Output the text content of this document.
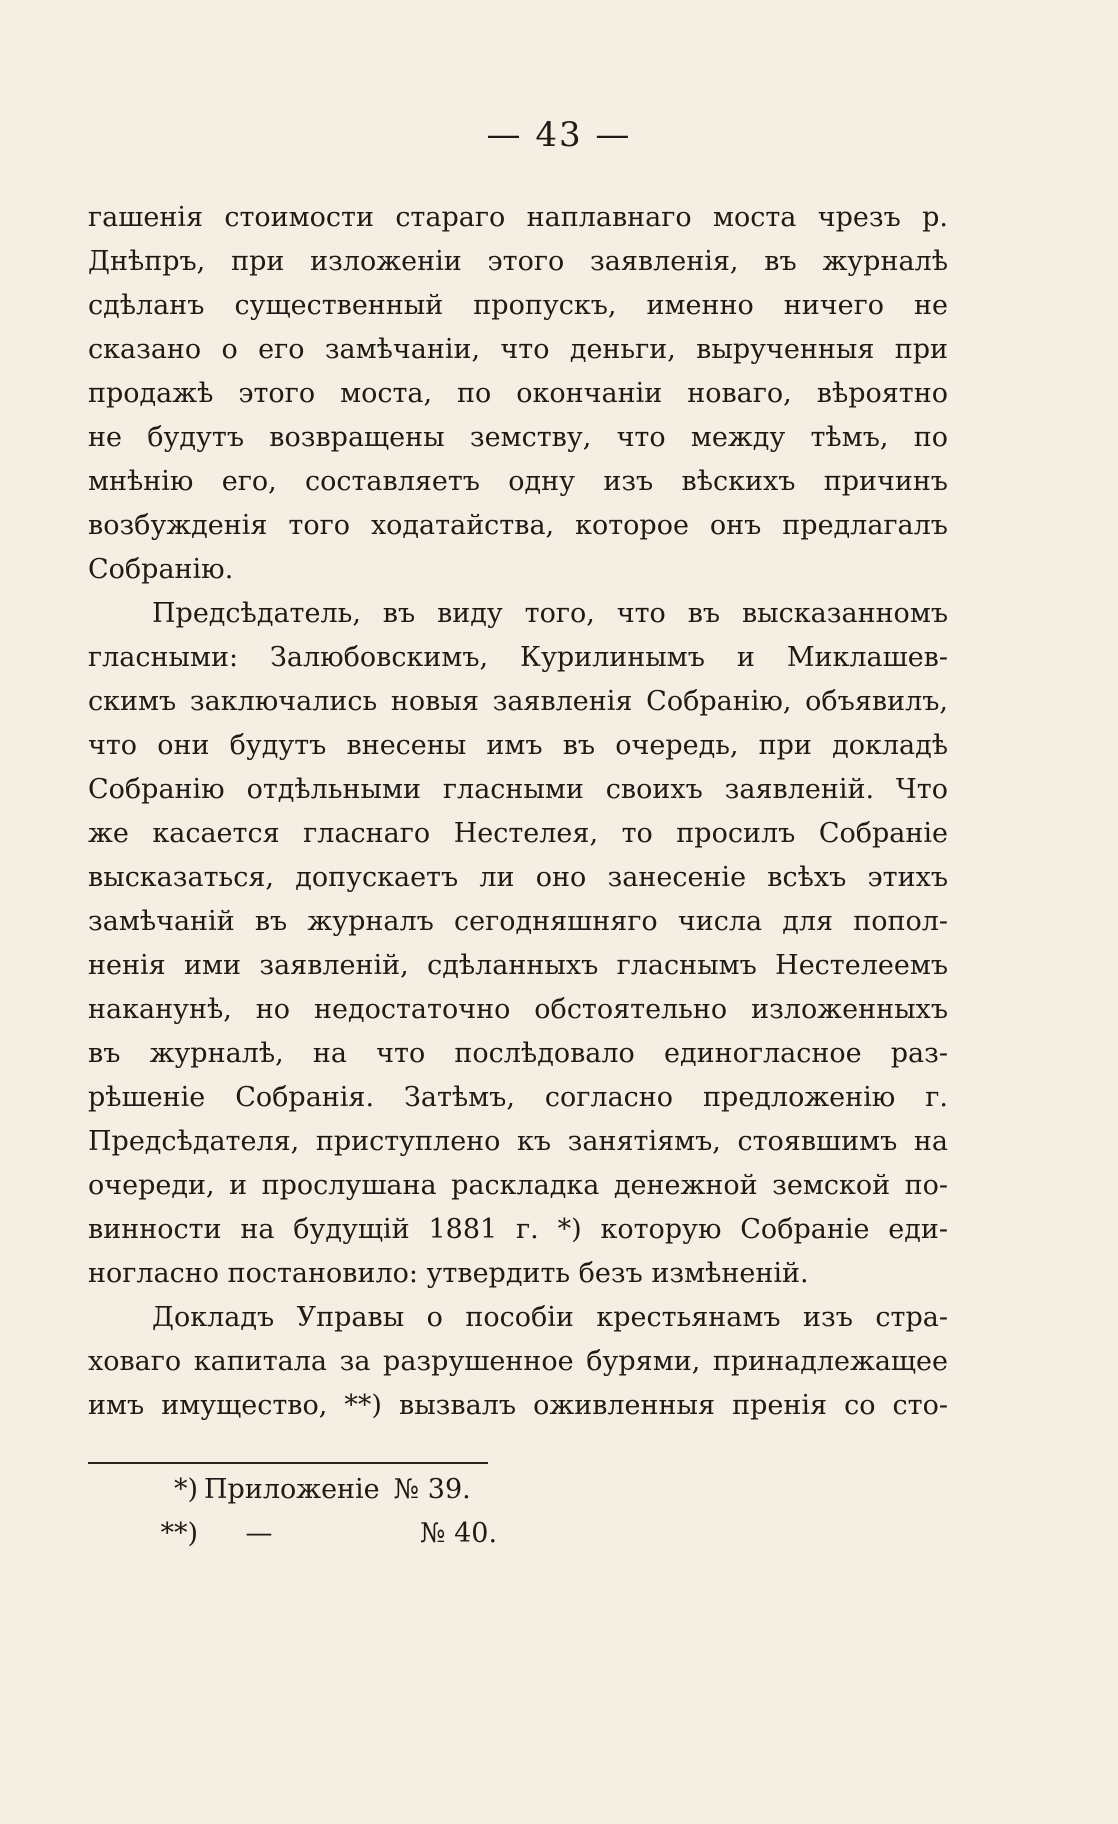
— 43 —
гашенія стоимости стараго наплавнаго моста чрезъ р.
Днѣпръ, при изложеніи этого заявленія, въ журналѣ
сдѣланъ существенный пропускъ, именно ничего не
сказано о его замѣчаніи, что деньги, вырученныя при
продажѣ этого моста, по окончаніи новаго, вѣроятно
не будутъ возвращены земству, что между тѣмъ, по
мнѣнію его, составляетъ одну изъ вѣскихъ причинъ
возбужденія того ходатайства, которое онъ предлагалъ
Собранію.
Предсѣдатель, въ виду того, что въ высказанномъ
гласными: Залюбовскимъ, Курилинымъ и Миклашев-
скимъ заключались новыя заявленія Собранію, объявилъ,
что они будутъ внесены имъ въ очередь, при докладѣ
Собранію отдѣльными гласными своихъ заявленій. Что
же касается гласнаго Нестелея, то просилъ Собраніе
высказаться, допускаетъ ли оно занесеніе всѣхъ этихъ
замѣчаній въ журналъ сегодняшняго числа для попол-
ненія ими заявленій, сдѣланныхъ гласнымъ Нестелеемъ
наканунѣ, но недостаточно обстоятельно изложенныхъ
въ журналѣ, на что послѣдовало единогласное раз-
рѣшеніе Собранія. Затѣмъ, согласно предложенію г.
Предсѣдателя, приступлено къ занятіямъ, стоявшимъ на
очереди, и прослушана раскладка денежной земской по-
винности на будущій 1881 г. *) которую Собраніе еди-
ногласно постановило: утвердить безъ измѣненій.
Докладъ Управы о пособіи крестьянамъ изъ стра-
ховаго капитала за разрушенное бурями, принадлежащее
имъ имущество, **) вызвалъ оживленныя пренія со сто-
*) Приложеніе № 39.
**)	—	№ 40.
